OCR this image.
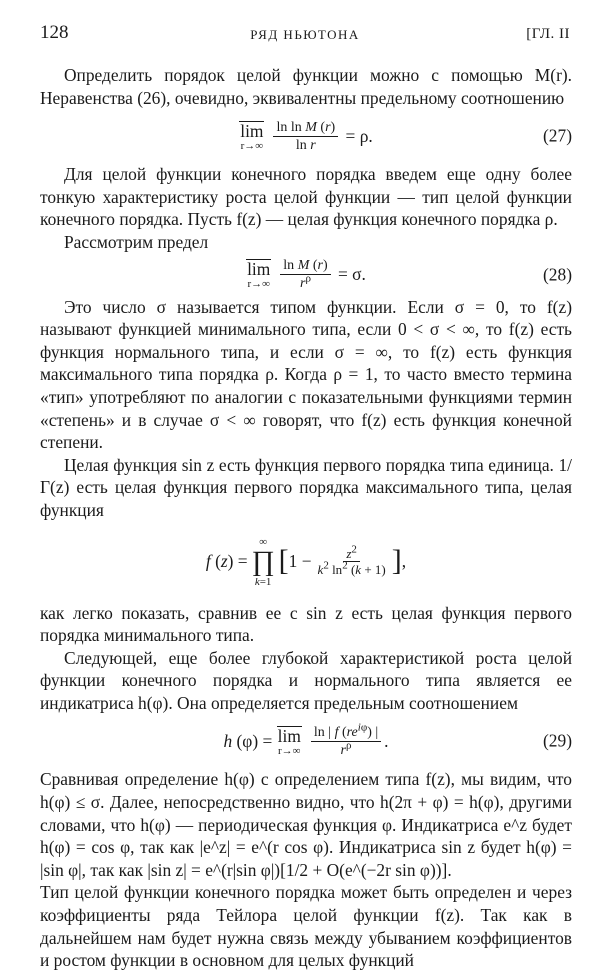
128	РЯД НЬЮТОНА	[ГЛ. II

Определить порядок целой функции можно с помощью M(r). Неравенства (26), очевидно, эквивалентны предельному соотношению

lim
$r\to\infty \frac{\text{ln ln M (r)}}{\text{ln r}} = \rho$.	(27)

Для целой функции конечного порядка введем еще одну более тонкую характеристику роста целой функции — тип целой функции конечного порядка. Пусть f(z) — целая функция конечного порядка ρ.

Рассмотрим предел

lim
$r\to\infty \frac{\text{ln M (r)}}{r^\rho} = \sigma$.	(28)

Это число σ называется типом функции. Если σ = 0, то f(z) называют функцией минимального типа, если 0 < σ < ∞, то f(z) есть функция нормального типа, и если σ = ∞, то f(z) есть функция максимального типа порядка ρ. Когда ρ = 1, то часто вместо термина «тип» употребляют по аналогии с показательными функциями термин «степень» и в случае σ < ∞ говорят, что f(z) есть функция конечной степени.

Целая функция sin z есть функция первого порядка типа единица. 1/Γ(z) есть целая функция первого порядка максимального типа, целая функция

f (z) =
∞
∏
k=1
[ $1 - \frac{z^2}{k^2 \ln^2 (k + 1)}$ ] ,

как легко показать, сравнив ее с sin z есть целая функция первого порядка минимального типа.

Следующей, еще более глубокой характеристикой роста целой функции конечного порядка и нормального типа является ее индикатриса h(φ). Она определяется предельным соотношением

h (φ) = lim
$r\to\infty \frac{\ln | f (re^{i\varphi}) |}{r^\rho}$ .	(29)

Сравнивая определение h(φ) с определением типа f(z), мы видим, что h(φ) ≤ σ. Далее, непосредственно видно, что h(2π + φ) = h(φ), другими словами, что h(φ) — периодическая функция φ. Индикатриса e^z будет h(φ) = cos φ, так как |e^z| = e^(r cos φ). Индикатриса sin z будет h(φ) = |sin φ|, так как |sin z| = e^(r|sin φ|)[1/2 + O(e^(−2r sin φ))].

Тип целой функции конечного порядка может быть определен и через коэффициенты ряда Тейлора целой функции f(z). Так как в дальнейшем нам будет нужна связь между убыванием коэффициентов и ростом функции в основном для целых функций
